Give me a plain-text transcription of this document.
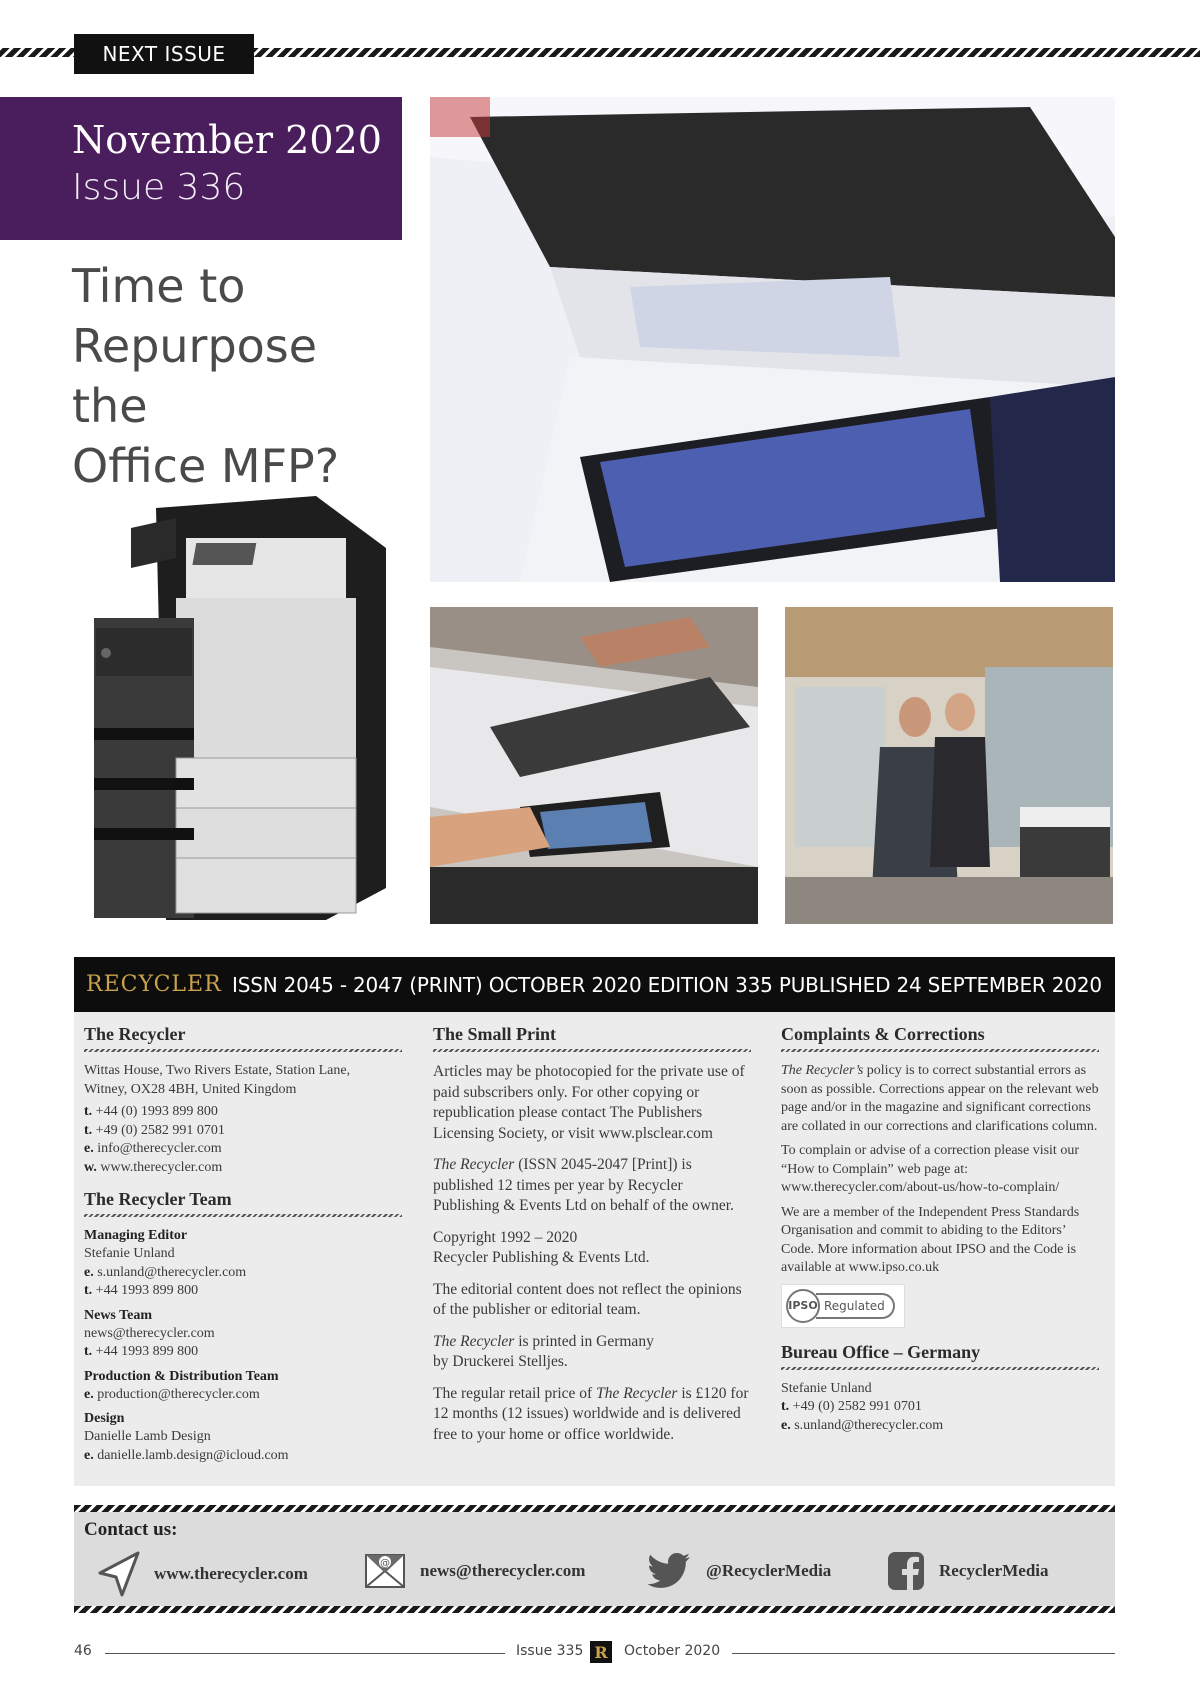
NEXT ISSUE
November 2020
Issue 336
Time to
Repurpose the
Office MFP?
RECYCLER ISSN 2045 - 2047 (PRINT) OCTOBER 2020 EDITION 335 PUBLISHED 24 SEPTEMBER 2020
The Recycler
Wittas House, Two Rivers Estate, Station Lane,
Witney, OX28 4BH, United Kingdom
t. +44 (0) 1993 899 800
t. +49 (0) 2582 991 0701
e. info@therecycler.com
w. www.therecycler.com
The Recycler Team
Managing Editor
Stefanie Unland
e. s.unland@therecycler.com
t. +44 1993 899 800
News Team
news@therecycler.com
t. +44 1993 899 800
Production & Distribution Team
e. production@therecycler.com
Design
Danielle Lamb Design
e. danielle.lamb.design@icloud.com
The Small Print
Articles may be photocopied for the private use of paid subscribers only. For other copying or republication please contact The Publishers Licensing Society, or visit www.plsclear.com
The Recycler (ISSN 2045-2047 [Print]) is published 12 times per year by Recycler Publishing & Events Ltd on behalf of the owner.
Copyright 1992 – 2020
Recycler Publishing & Events Ltd.
The editorial content does not reflect the opinions of the publisher or editorial team.
The Recycler is printed in Germany
by Druckerei Stelljes.
The regular retail price of The Recycler is £120 for 12 months (12 issues) worldwide and is delivered free to your home or office worldwide.
Complaints & Corrections
The Recycler’s policy is to correct substantial errors as soon as possible. Corrections appear on the relevant web page and/or in the magazine and significant corrections are collated in our corrections and clarifications column.
To complain or advise of a correction please visit our “How to Complain” web page at: www.therecycler.com/about-us/how-to-complain/
We are a member of the Independent Press Standards Organisation and commit to abiding to the Editors’ Code. More information about IPSO and the Code is available at www.ipso.co.uk
IPSO Regulated
Bureau Office – Germany
Stefanie Unland
t. +49 (0) 2582 991 0701
e. s.unland@therecycler.com
Contact us:
www.therecycler.com
@ news@therecycler.com	@RecyclerMedia	RecyclerMedia
46	Issue 335 R	October 2020
